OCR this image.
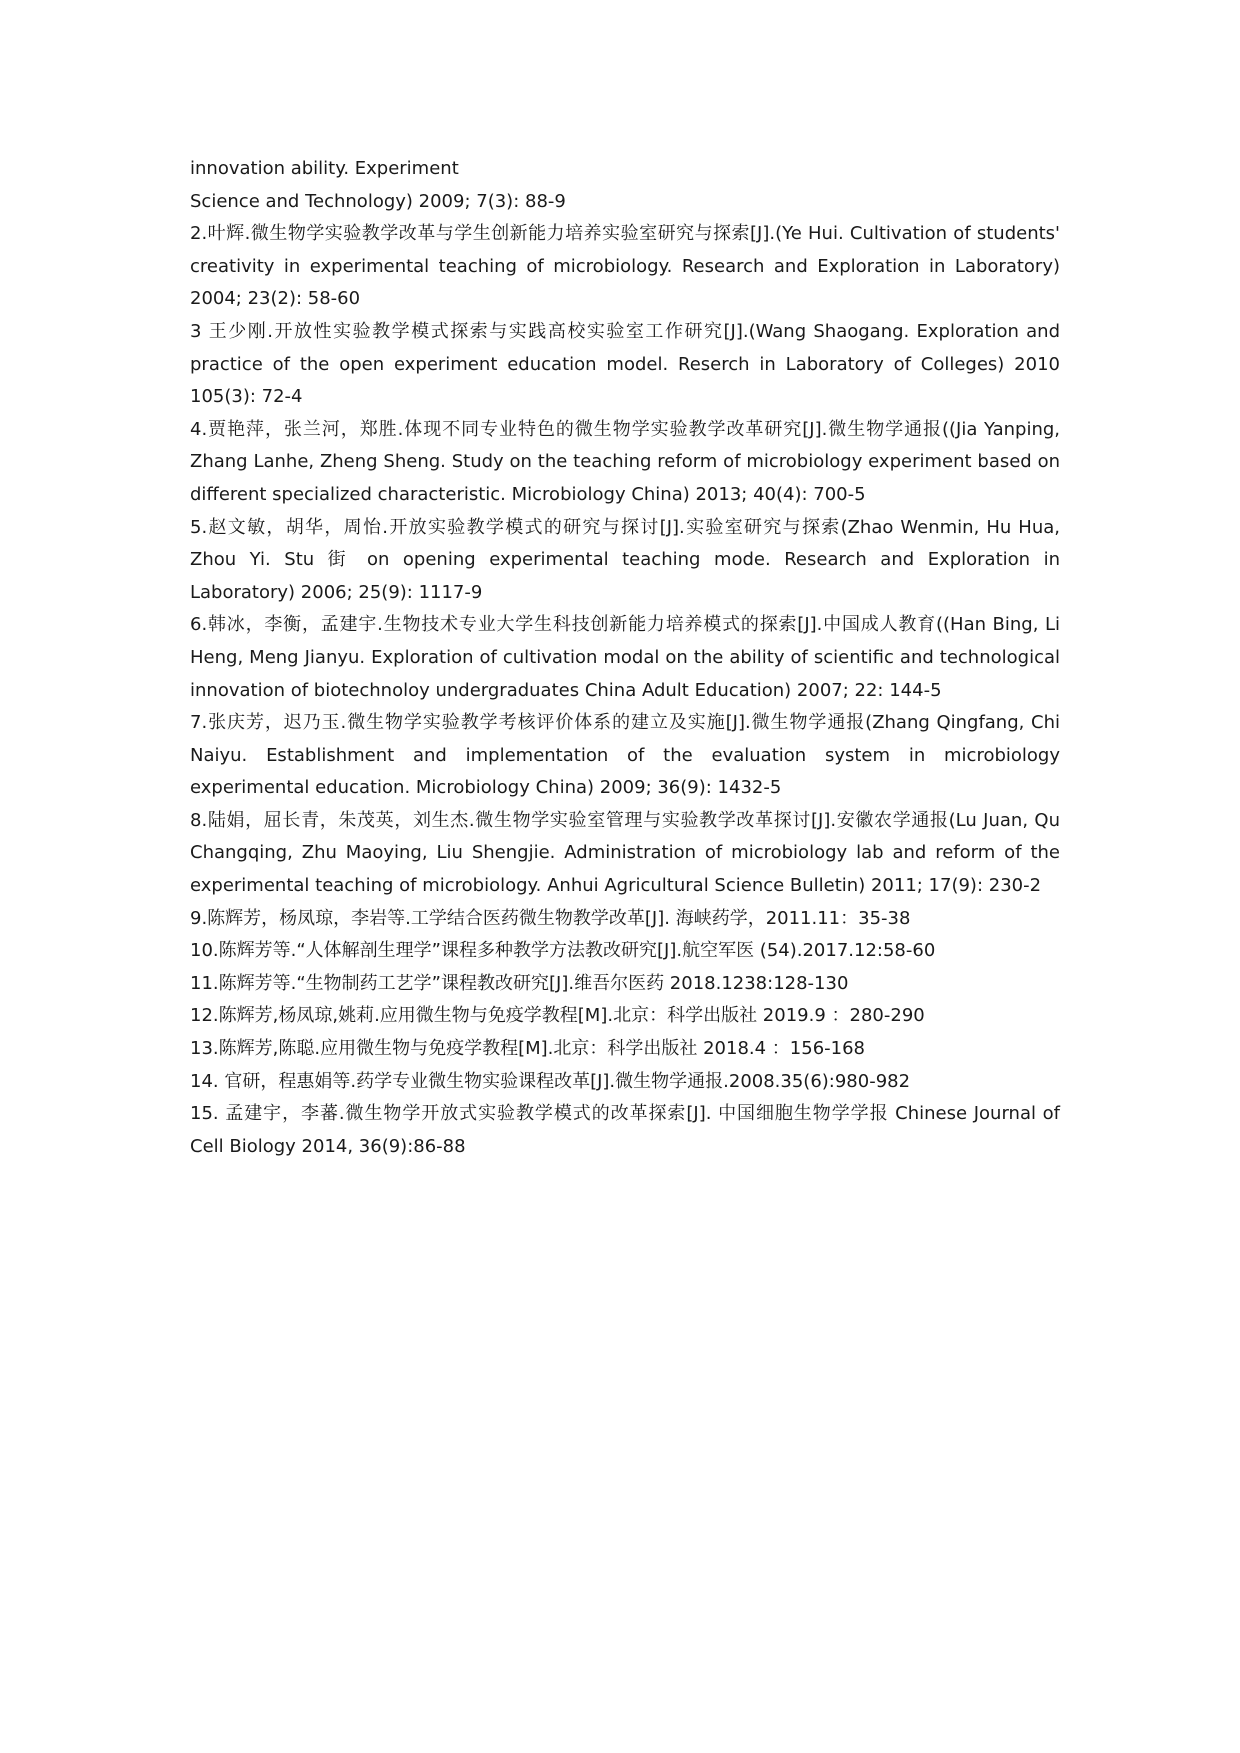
innovation ability. Experiment

Science and Technology) 2009; 7(3): 88-9

2.叶辉.微生物学实验教学改革与学生创新能力培养实验室研究与探索[J].(Ye Hui. Cultivation of students' creativity in experimental teaching of microbiology. Research and Exploration in Laboratory) 2004; 23(2): 58-60

3 王少刚.开放性实验教学模式探索与实践高校实验室工作研究[J].(Wang Shaogang. Exploration and practice of the open experiment education model. Reserch in Laboratory of Colleges) 2010 105(3): 72-4

4.贾艳萍，张兰河，郑胜.体现不同专业特色的微生物学实验教学改革研究[J].微生物学通报((Jia Yanping, Zhang Lanhe, Zheng Sheng. Study on the teaching reform of microbiology experiment based on different specialized characteristic. Microbiology China) 2013; 40(4): 700-5

5.赵文敏，胡华，周怡.开放实验教学模式的研究与探讨[J].实验室研究与探索(Zhao Wenmin, Hu Hua, Zhou Yi. Stu 街 on opening experimental teaching mode. Research and Exploration in Laboratory) 2006; 25(9): 1117-9

6.韩冰，李衡，孟建宇.生物技术专业大学生科技创新能力培养模式的探索[J].中国成人教育((Han Bing, Li Heng, Meng Jianyu. Exploration of cultivation modal on the ability of scientific and technological innovation of biotechnoloy undergraduates China Adult Education) 2007; 22: 144-5

7.张庆芳，迟乃玉.微生物学实验教学考核评价体系的建立及实施[J].微生物学通报(Zhang Qingfang, Chi Naiyu. Establishment and implementation of the evaluation system in microbiology experimental education. Microbiology China) 2009; 36(9): 1432-5

8.陆娟，屈长青，朱茂英，刘生杰.微生物学实验室管理与实验教学改革探讨[J].安徽农学通报(Lu Juan, Qu Changqing, Zhu Maoying, Liu Shengjie. Administration of microbiology lab and reform of the experimental teaching of microbiology. Anhui Agricultural Science Bulletin) 2011; 17(9): 230-2

9.陈辉芳，杨凤琼，李岩等.工学结合医药微生物教学改革[J]. 海峡药学，2011.11：35-38

10.陈辉芳等.“人体解剖生理学”课程多种教学方法教改研究[J].航空军医 (54).2017.12:58-60

11.陈辉芳等.“生物制药工艺学”课程教改研究[J].维吾尔医药 2018.1238:128-130

12.陈辉芳,杨凤琼,姚莉.应用微生物与免疫学教程[M].北京：科学出版社 2019.9 ：280-290

13.陈辉芳,陈聪.应用微生物与免疫学教程[M].北京：科学出版社 2018.4 ：156-168

14. 官研，程惠娟等.药学专业微生物实验课程改革[J].微生物学通报.2008.35(6):980-982

15. 孟建宇，李蕃.微生物学开放式实验教学模式的改革探索[J]. 中国细胞生物学学报 Chinese Journal of Cell Biology 2014, 36(9):86-88
